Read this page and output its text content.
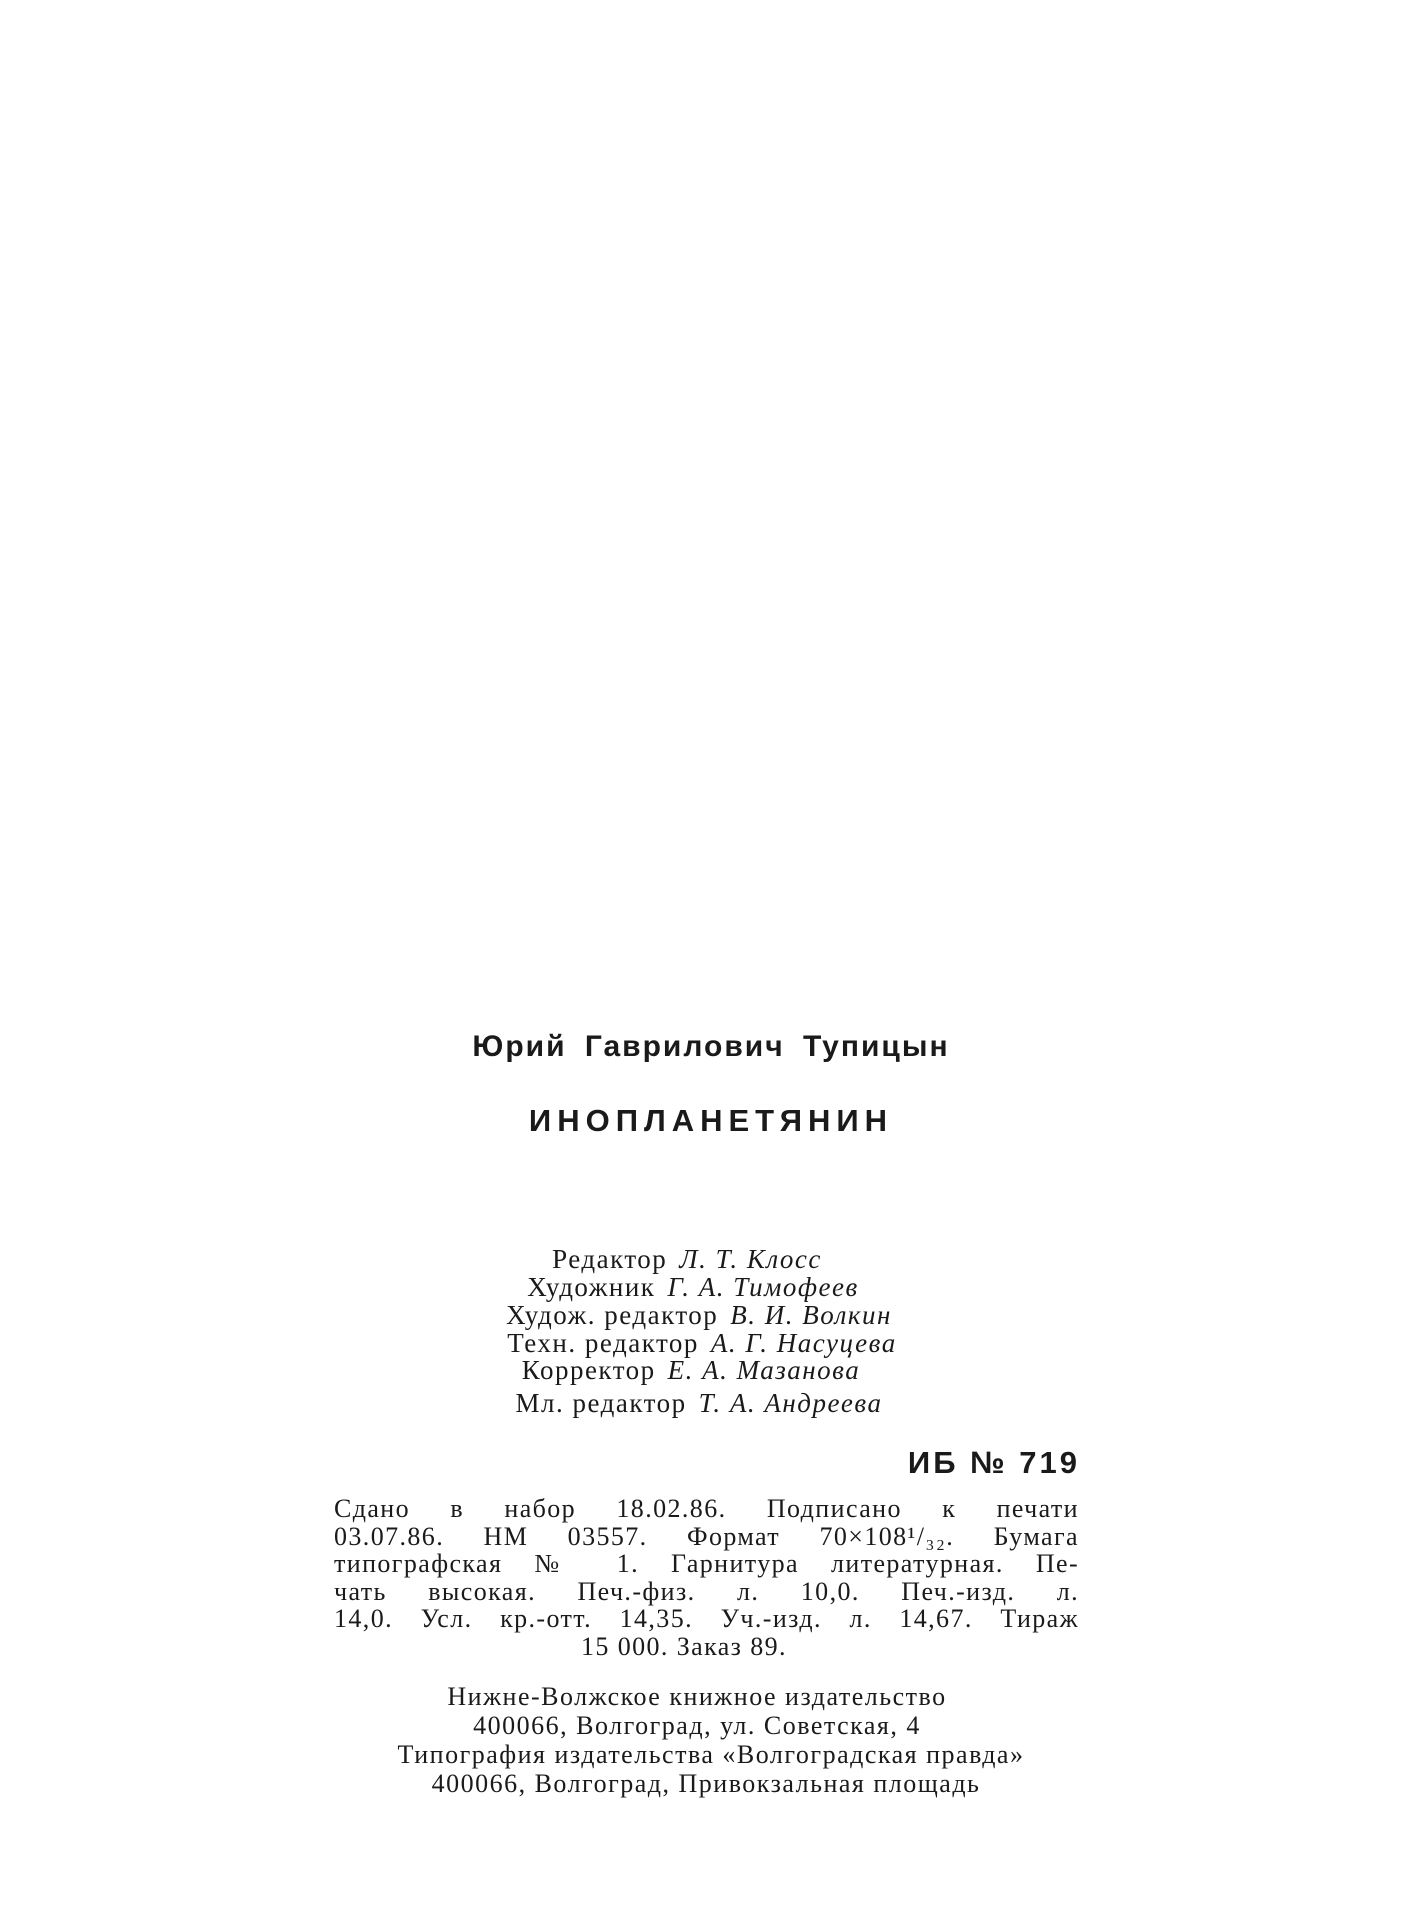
Юрий Гаврилович Тупицын
ИНОПЛАНЕТЯНИН
Редактор Л. Т. Клосс
Художник Г. А. Тимофеев
Худож. редактор В. И. Волкин
Техн. редактор А. Г. Насуцева
Корректор Е. А. Мазанова
Мл. редактор Т. А. Андреева
ИБ № 719
Сдано в набор 18.02.86. Подписано к печати
03.07.86. НМ 03557. Формат 70×108¹/₃₂. Бумага
типографская № 1. Гарнитура литературная. Пе-
чать высокая. Печ.-физ. л. 10,0. Печ.-изд. л.
14,0. Усл. кр.-отт. 14,35. Уч.-изд. л. 14,67. Тираж
15 000. Заказ 89.
Нижне-Волжское книжное издательство
400066, Волгоград, ул. Советская, 4
Типография издательства «Волгоградская правда»
400066, Волгоград, Привокзальная площадь
